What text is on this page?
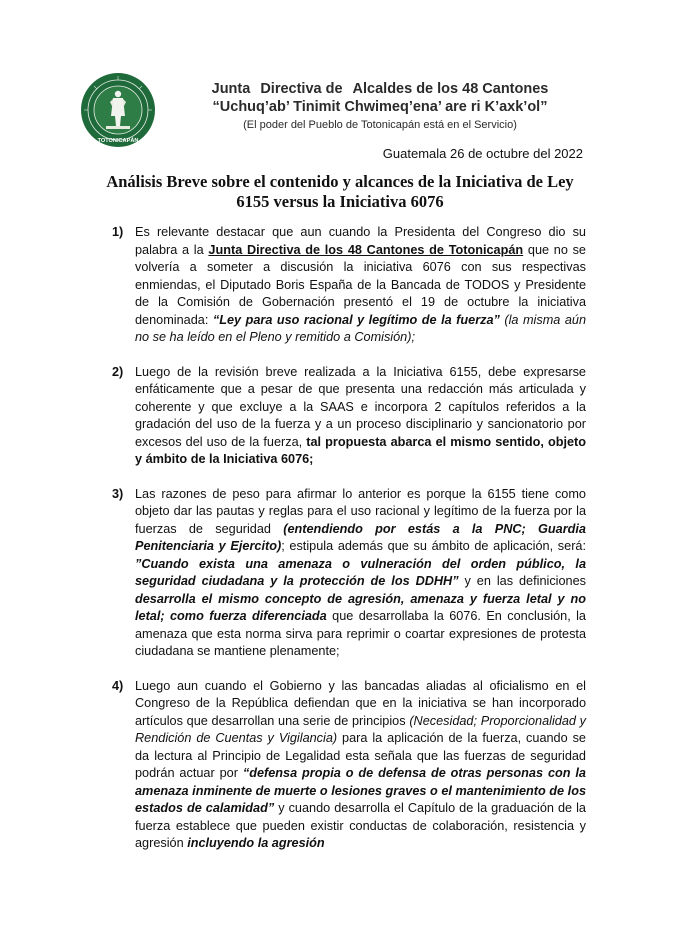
TOTONICAPÁN
Junta Directiva de Alcaldes de los 48 Cantones
“Uchuq’ab’ Tinimit Chwimeq’ena’ are ri K’axk’ol”
(El poder del Pueblo de Totonicapán está en el Servicio)
Guatemala 26 de octubre del 2022
Análisis Breve sobre el contenido y alcances de la Iniciativa de Ley
6155 versus la Iniciativa 6076
1) Es relevante destacar que aun cuando la Presidenta del Congreso dio su palabra a la Junta Directiva de los 48 Cantones de Totonicapán que no se volvería a someter a discusión la iniciativa 6076 con sus respectivas enmiendas, el Diputado Boris España de la Bancada de TODOS y Presidente de la Comisión de Gobernación presentó el 19 de octubre la iniciativa denominada: “Ley para uso racional y legítimo de la fuerza” (la misma aún no se ha leído en el Pleno y remitido a Comisión);
2) Luego de la revisión breve realizada a la Iniciativa 6155, debe expresarse enfáticamente que a pesar de que presenta una redacción más articulada y coherente y que excluye a la SAAS e incorpora 2 capítulos referidos a la gradación del uso de la fuerza y a un proceso disciplinario y sancionatorio por excesos del uso de la fuerza, tal propuesta abarca el mismo sentido, objeto y ámbito de la Iniciativa 6076;
3) Las razones de peso para afirmar lo anterior es porque la 6155 tiene como objeto dar las pautas y reglas para el uso racional y legítimo de la fuerza por la fuerzas de seguridad (entendiendo por estás a la PNC; Guardia Penitenciaria y Ejercito); estipula además que su ámbito de aplicación, será: ”Cuando exista una amenaza o vulneración del orden público, la seguridad ciudadana y la protección de los DDHH” y en las definiciones desarrolla el mismo concepto de agresión, amenaza y fuerza letal y no letal; como fuerza diferenciada que desarrollaba la 6076. En conclusión, la amenaza que esta norma sirva para reprimir o coartar expresiones de protesta ciudadana se mantiene plenamente;
4) Luego aun cuando el Gobierno y las bancadas aliadas al oficialismo en el Congreso de la República defiendan que en la iniciativa se han incorporado artículos que desarrollan una serie de principios (Necesidad; Proporcionalidad y Rendición de Cuentas y Vigilancia) para la aplicación de la fuerza, cuando se da lectura al Principio de Legalidad esta señala que las fuerzas de seguridad podrán actuar por “defensa propia o de defensa de otras personas con la amenaza inminente de muerte o lesiones graves o el mantenimiento de los estados de calamidad” y cuando desarrolla el Capítulo de la graduación de la fuerza establece que pueden existir conductas de colaboración, resistencia y agresión incluyendo la agresión
